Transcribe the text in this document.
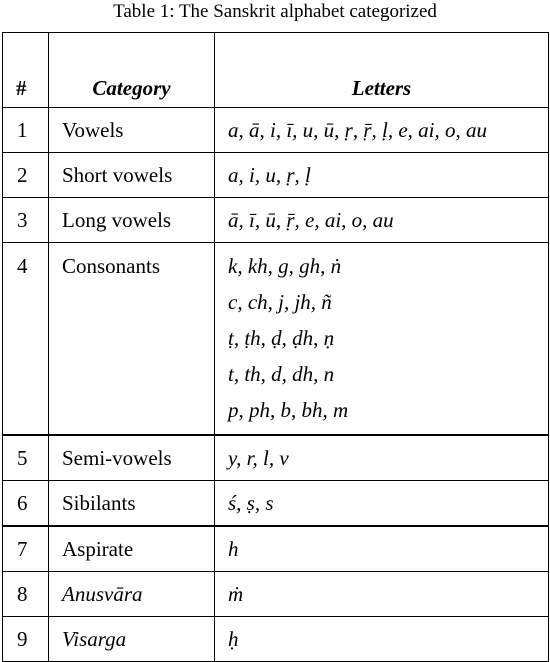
Table 1: The Sanskrit alphabet categorized
#	Category	Letters
1	Vowels	a, ā, i, ī, u, ū, ṛ, ṝ, ḷ, e, ai, o, au
2	Short vowels	a, i, u, ṛ, ḷ
3	Long vowels	ā, ī, ū, ṝ, e, ai, o, au

4	Consonants	k, kh, g, gh, ṅ
c, ch, j, jh, ñ
ṭ, ṭh, ḍ, ḍh, ṇ
t, th, d, dh, n
p, ph, b, bh, m

5	Semi-vowels	y, r, l, v
6	Sibilants	ś, ṣ, s
7	Aspirate	h
8	Anusvāra	ṁ
9	Visarga	ḥ
